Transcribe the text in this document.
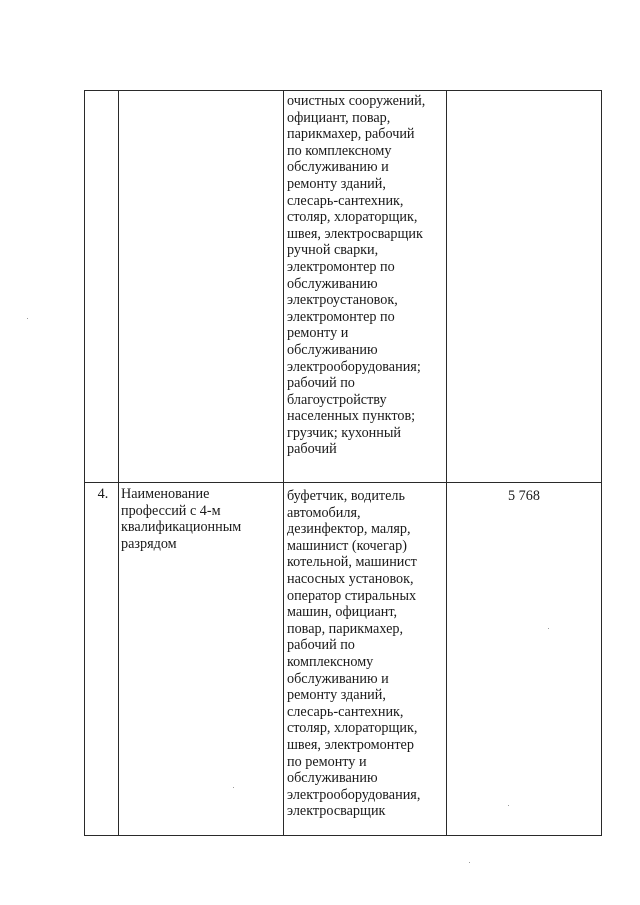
очистных сооружений,
официант, повар,
парикмахер, рабочий
по комплексному
обслуживанию и
ремонту зданий,
слесарь-сантехник,
столяр, хлораторщик,
швея, электросварщик
ручной сварки,
электромонтер по
обслуживанию
электроустановок,
электромонтер по
ремонту и
обслуживанию
электрооборудования;
рабочий по
благоустройству
населенных пунктов;
грузчик; кухонный
рабочий
4. Наименование
профессий с 4-м
квалификационным
разрядом
буфетчик, водитель
автомобиля,
дезинфектор, маляр,
машинист (кочегар)
котельной, машинист
насосных установок,
оператор стиральных
машин, официант,
повар, парикмахер,
рабочий по
комплексному
обслуживанию и
ремонту зданий,
слесарь-сантехник,
столяр, хлораторщик,
швея, электромонтер
по ремонту и
обслуживанию
электрооборудования,
электросварщик
5 768
